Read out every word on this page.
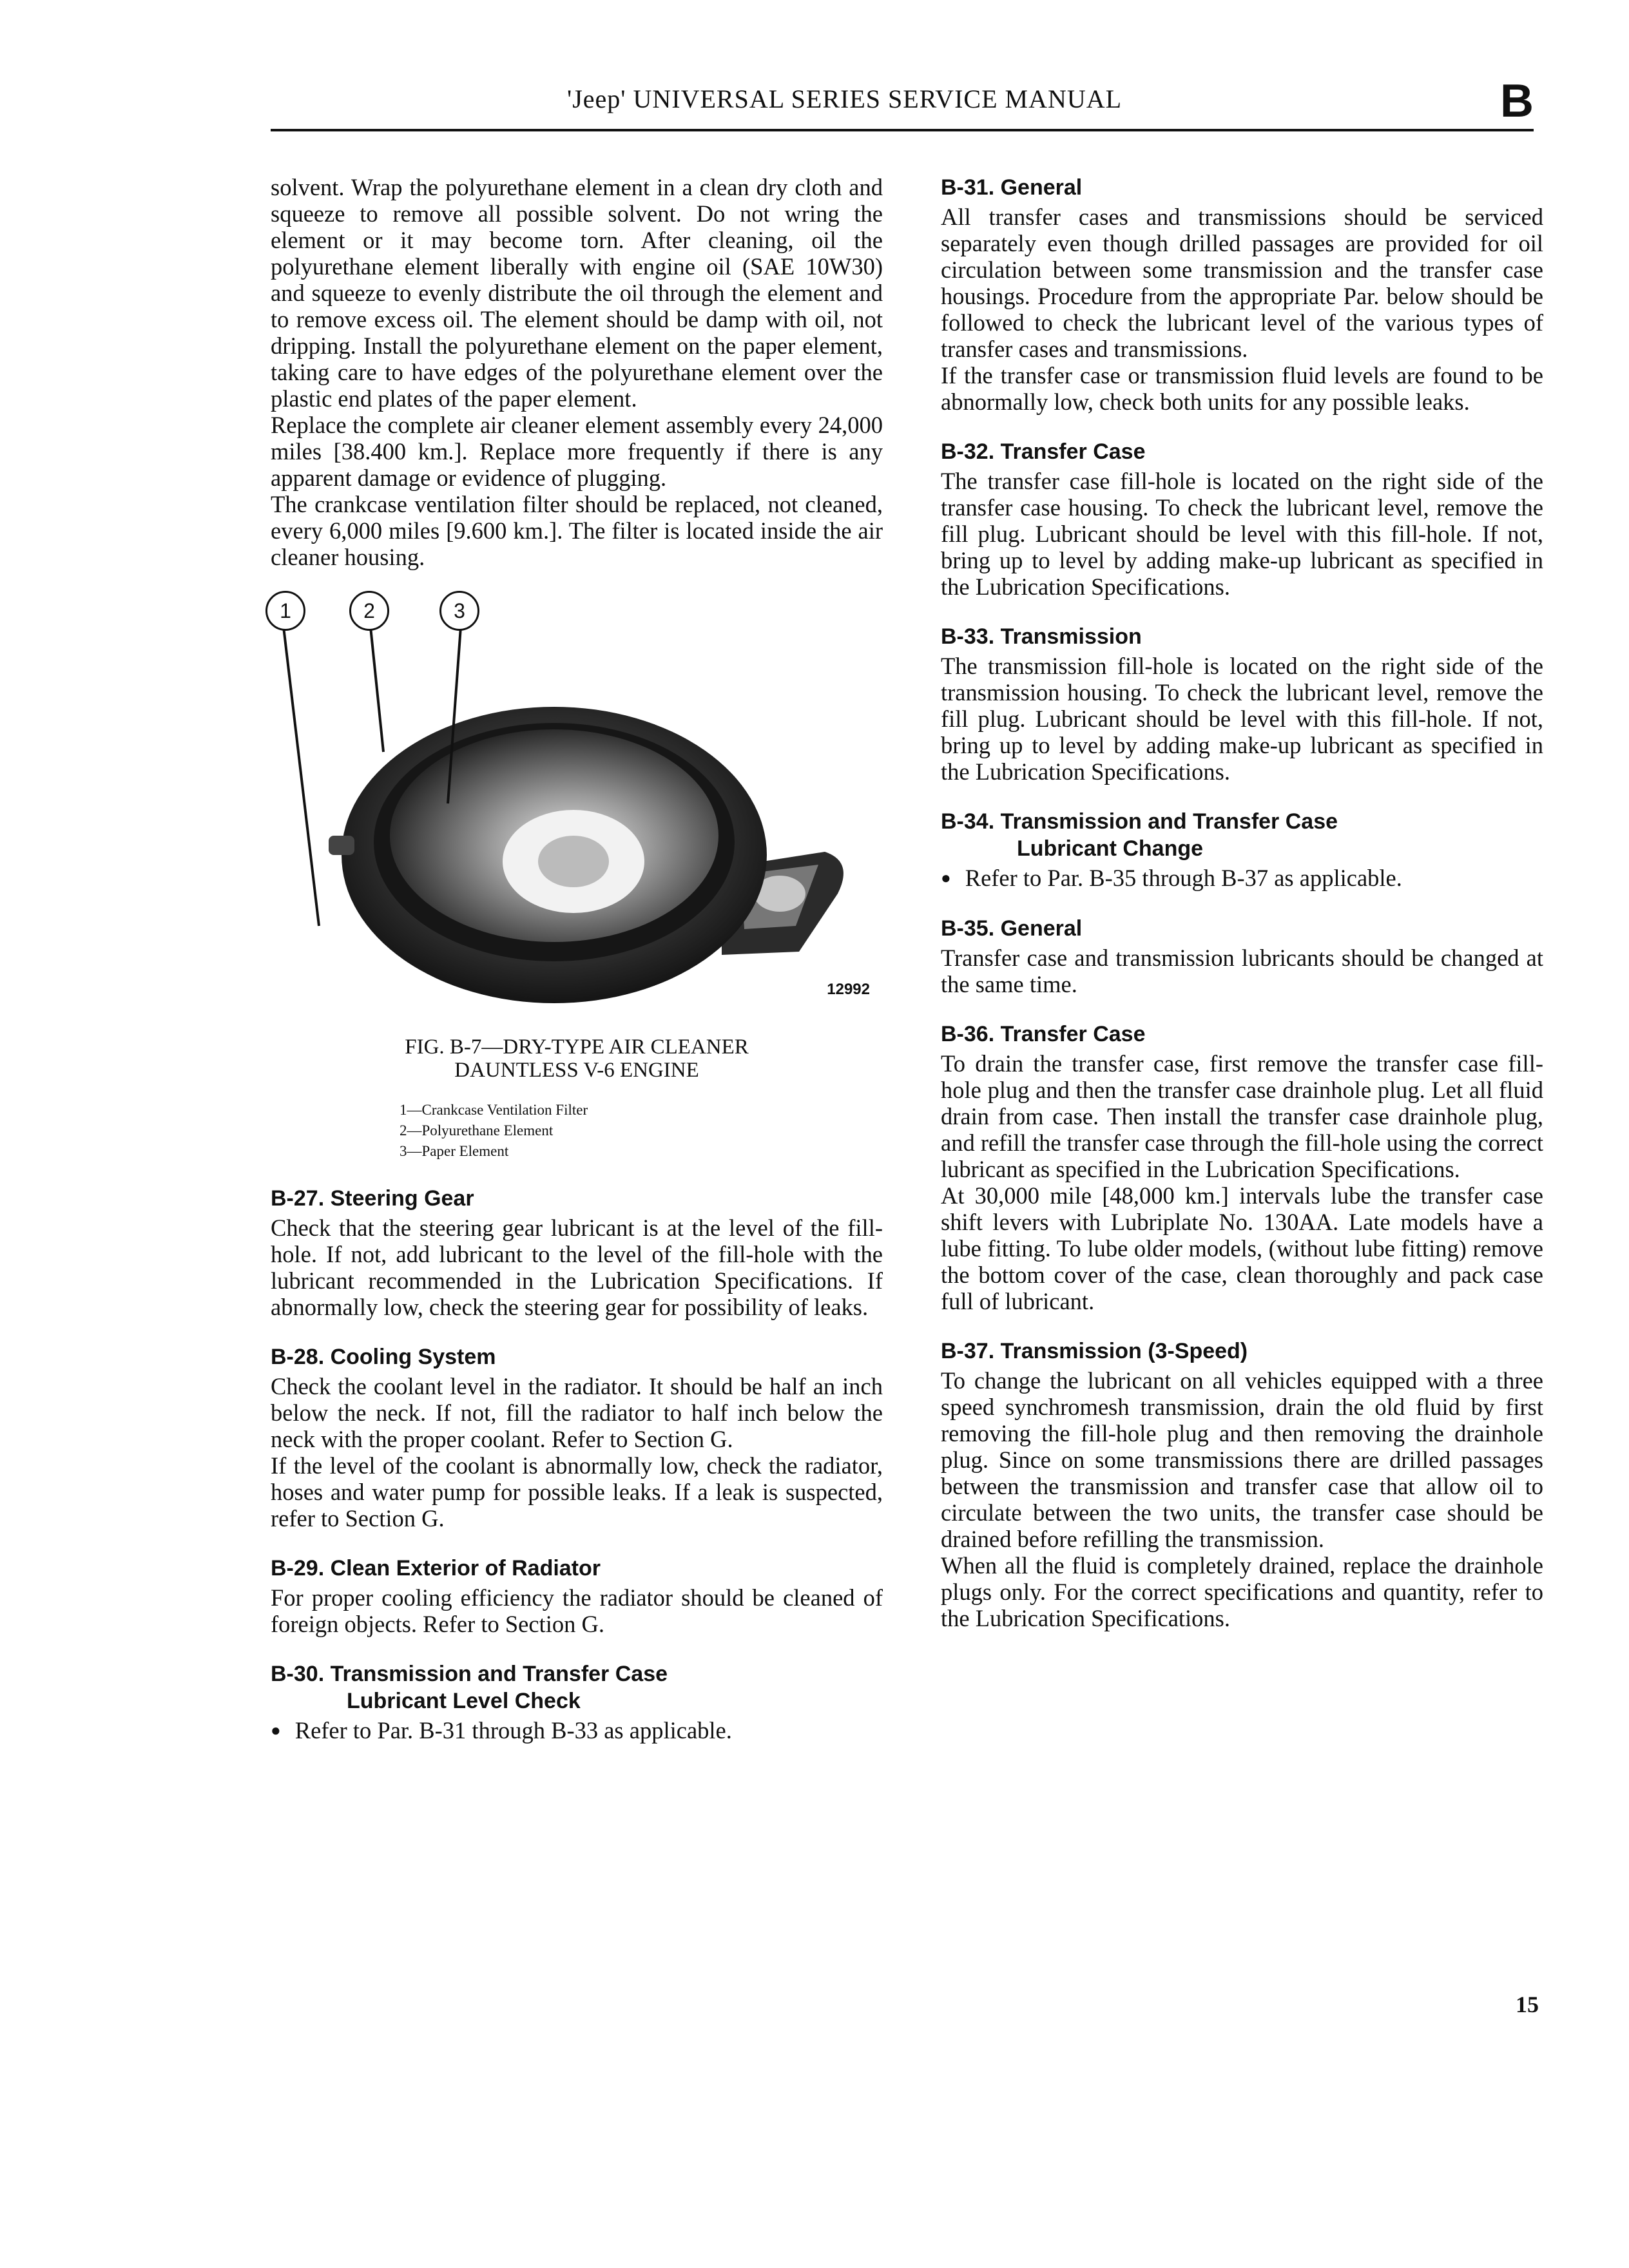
'Jeep' UNIVERSAL SERIES SERVICE MANUAL	B

solvent. Wrap the polyurethane element in a clean dry cloth and squeeze to remove all possible solvent. Do not wring the element or it may become torn. After cleaning, oil the polyurethane element liberally with engine oil (SAE 10W30) and squeeze to evenly distribute the oil through the element and to remove excess oil. The element should be damp with oil, not dripping. Install the polyurethane element on the paper element, taking care to have edges of the polyurethane element over the plastic end plates of the paper element.

Replace the complete air cleaner element assembly every 24,000 miles [38.400 km.]. Replace more frequently if there is any apparent damage or evidence of plugging.

The crankcase ventilation filter should be replaced, not cleaned, every 6,000 miles [9.600 km.]. The filter is located inside the air cleaner housing.

1	2	3
12992
FIG. B-7—DRY-TYPE AIR CLEANER
DAUNTLESS V-6 ENGINE
1—Crankcase Ventilation Filter
2—Polyurethane Element
3—Paper Element
B-27. Steering Gear

Check that the steering gear lubricant is at the level of the fill-hole. If not, add lubricant to the level of the fill-hole with the lubricant recommended in the Lubrication Specifications. If abnormally low, check the steering gear for possibility of leaks.

B-28. Cooling System

Check the coolant level in the radiator. It should be half an inch below the neck. If not, fill the radiator to half inch below the neck with the proper coolant. Refer to Section G.

If the level of the coolant is abnormally low, check the radiator, hoses and water pump for possible leaks. If a leak is suspected, refer to Section G.

B-29. Clean Exterior of Radiator

For proper cooling efficiency the radiator should be cleaned of foreign objects. Refer to Section G.

B-30. Transmission and Transfer Case
Lubricant Level Check
● Refer to Par. B-31 through B-33 as applicable.
B-31. General

All transfer cases and transmissions should be serviced separately even though drilled passages are provided for oil circulation between some transmission and the transfer case housings. Procedure from the appropriate Par. below should be followed to check the lubricant level of the various types of transfer cases and transmissions.

If the transfer case or transmission fluid levels are found to be abnormally low, check both units for any possible leaks.

B-32. Transfer Case

The transfer case fill-hole is located on the right side of the transfer case housing. To check the lubricant level, remove the fill plug. Lubricant should be level with this fill-hole. If not, bring up to level by adding make-up lubricant as specified in the Lubrication Specifications.

B-33. Transmission

The transmission fill-hole is located on the right side of the transmission housing. To check the lubricant level, remove the fill plug. Lubricant should be level with this fill-hole. If not, bring up to level by adding make-up lubricant as specified in the Lubrication Specifications.

B-34. Transmission and Transfer Case
Lubricant Change
● Refer to Par. B-35 through B-37 as applicable.
B-35. General

Transfer case and transmission lubricants should be changed at the same time.

B-36. Transfer Case

To drain the transfer case, first remove the transfer case fill-hole plug and then the transfer case drainhole plug. Let all fluid drain from case. Then install the transfer case drainhole plug, and refill the transfer case through the fill-hole using the correct lubricant as specified in the Lubrication Specifications.

At 30,000 mile [48,000 km.] intervals lube the transfer case shift levers with Lubriplate No. 130AA. Late models have a lube fitting. To lube older models, (without lube fitting) remove the bottom cover of the case, clean thoroughly and pack case full of lubricant.

B-37. Transmission (3-Speed)

To change the lubricant on all vehicles equipped with a three speed synchromesh transmission, drain the old fluid by first removing the fill-hole plug and then removing the drainhole plug. Since on some transmissions there are drilled passages between the transmission and transfer case that allow oil to circulate between the two units, the transfer case should be drained before refilling the transmission.

When all the fluid is completely drained, replace the drainhole plugs only. For the correct specifications and quantity, refer to the Lubrication Specifications.

15
